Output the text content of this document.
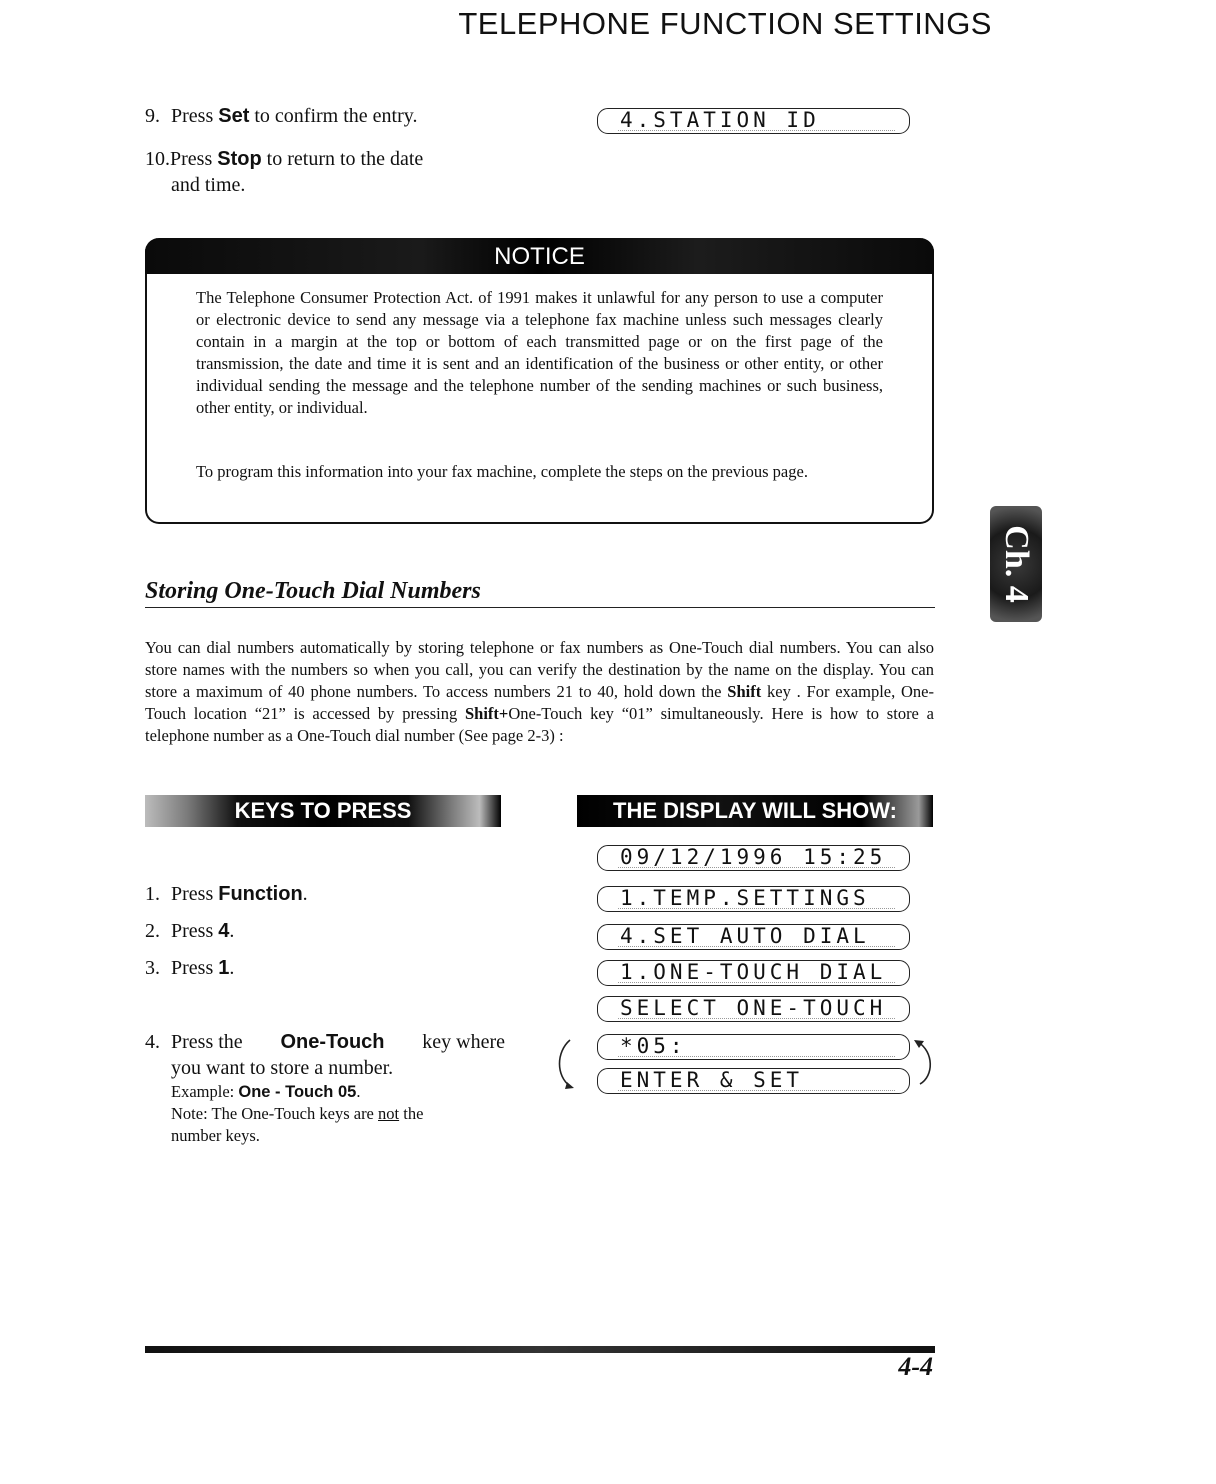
TELEPHONE FUNCTION SETTINGS
9. Press Set to confirm the entry.
10.Press Stop to return to the date
and time.
4.STATION ID
NOTICE
The Telephone Consumer Protection Act. of 1991 makes it unlawful for any person to use a computer or electronic device to send any message via a telephone fax machine unless such messages clearly contain in a margin at the top or bottom of each transmitted page or on the first page of the transmission, the date and time it is sent and an identification of the business or other entity, or other individual sending the message and the telephone number of the sending machines or such business, other entity, or individual.
To program this information into your fax machine, complete the steps on the previous page.
Ch. 4
Storing One-Touch Dial Numbers
You can dial numbers automatically by storing telephone or fax numbers as One-Touch dial numbers. You can also store names with the numbers so when you call, you can verify the destination by the name on the display. You can store a maximum of 40 phone numbers. To access numbers 21 to 40, hold down the Shift key . For example, One-Touch location “21” is accessed by pressing Shift+One-Touch key “01” simultaneously. Here is how to store a telephone number as a One-Touch dial number (See page 2-3) :
KEYS TO PRESS	THE DISPLAY WILL SHOW:
1. Press Function.
2. Press 4.
3. Press 1.
4. Press the One-Touch key where
you want to store a number.
Example: One - Touch 05.
Note: The One-Touch keys are not the
number keys.
09/12/1996 15:25
1.TEMP.SETTINGS
4.SET AUTO DIAL
1.ONE-TOUCH DIAL
SELECT ONE-TOUCH
*05:
ENTER & SET
4-4
